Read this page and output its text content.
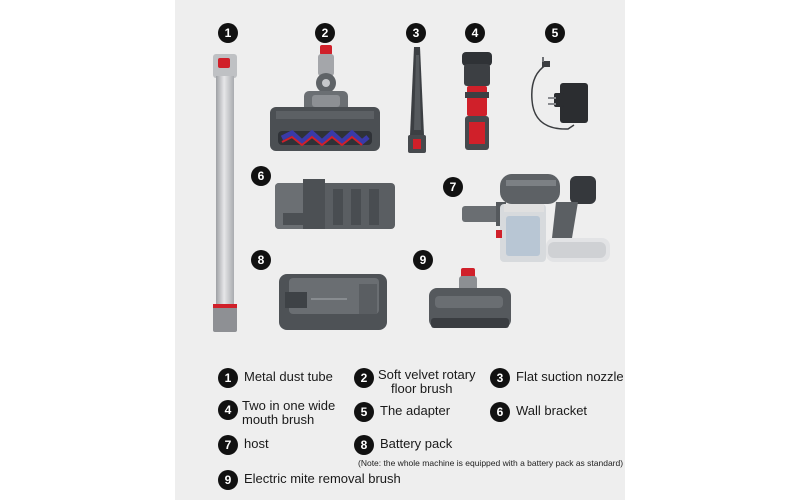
1	2	3	4	5
6
7
8	9
1 Metal dust tube	2 Soft velvet rotary
floor brush
3 Flat suction nozzle
4 Two in one wide
mouth brush	5 The adapter	6 Wall bracket
7 host	8 Battery pack
(Note: the whole machine is equipped with a battery pack as standard)
9 Electric mite removal brush
